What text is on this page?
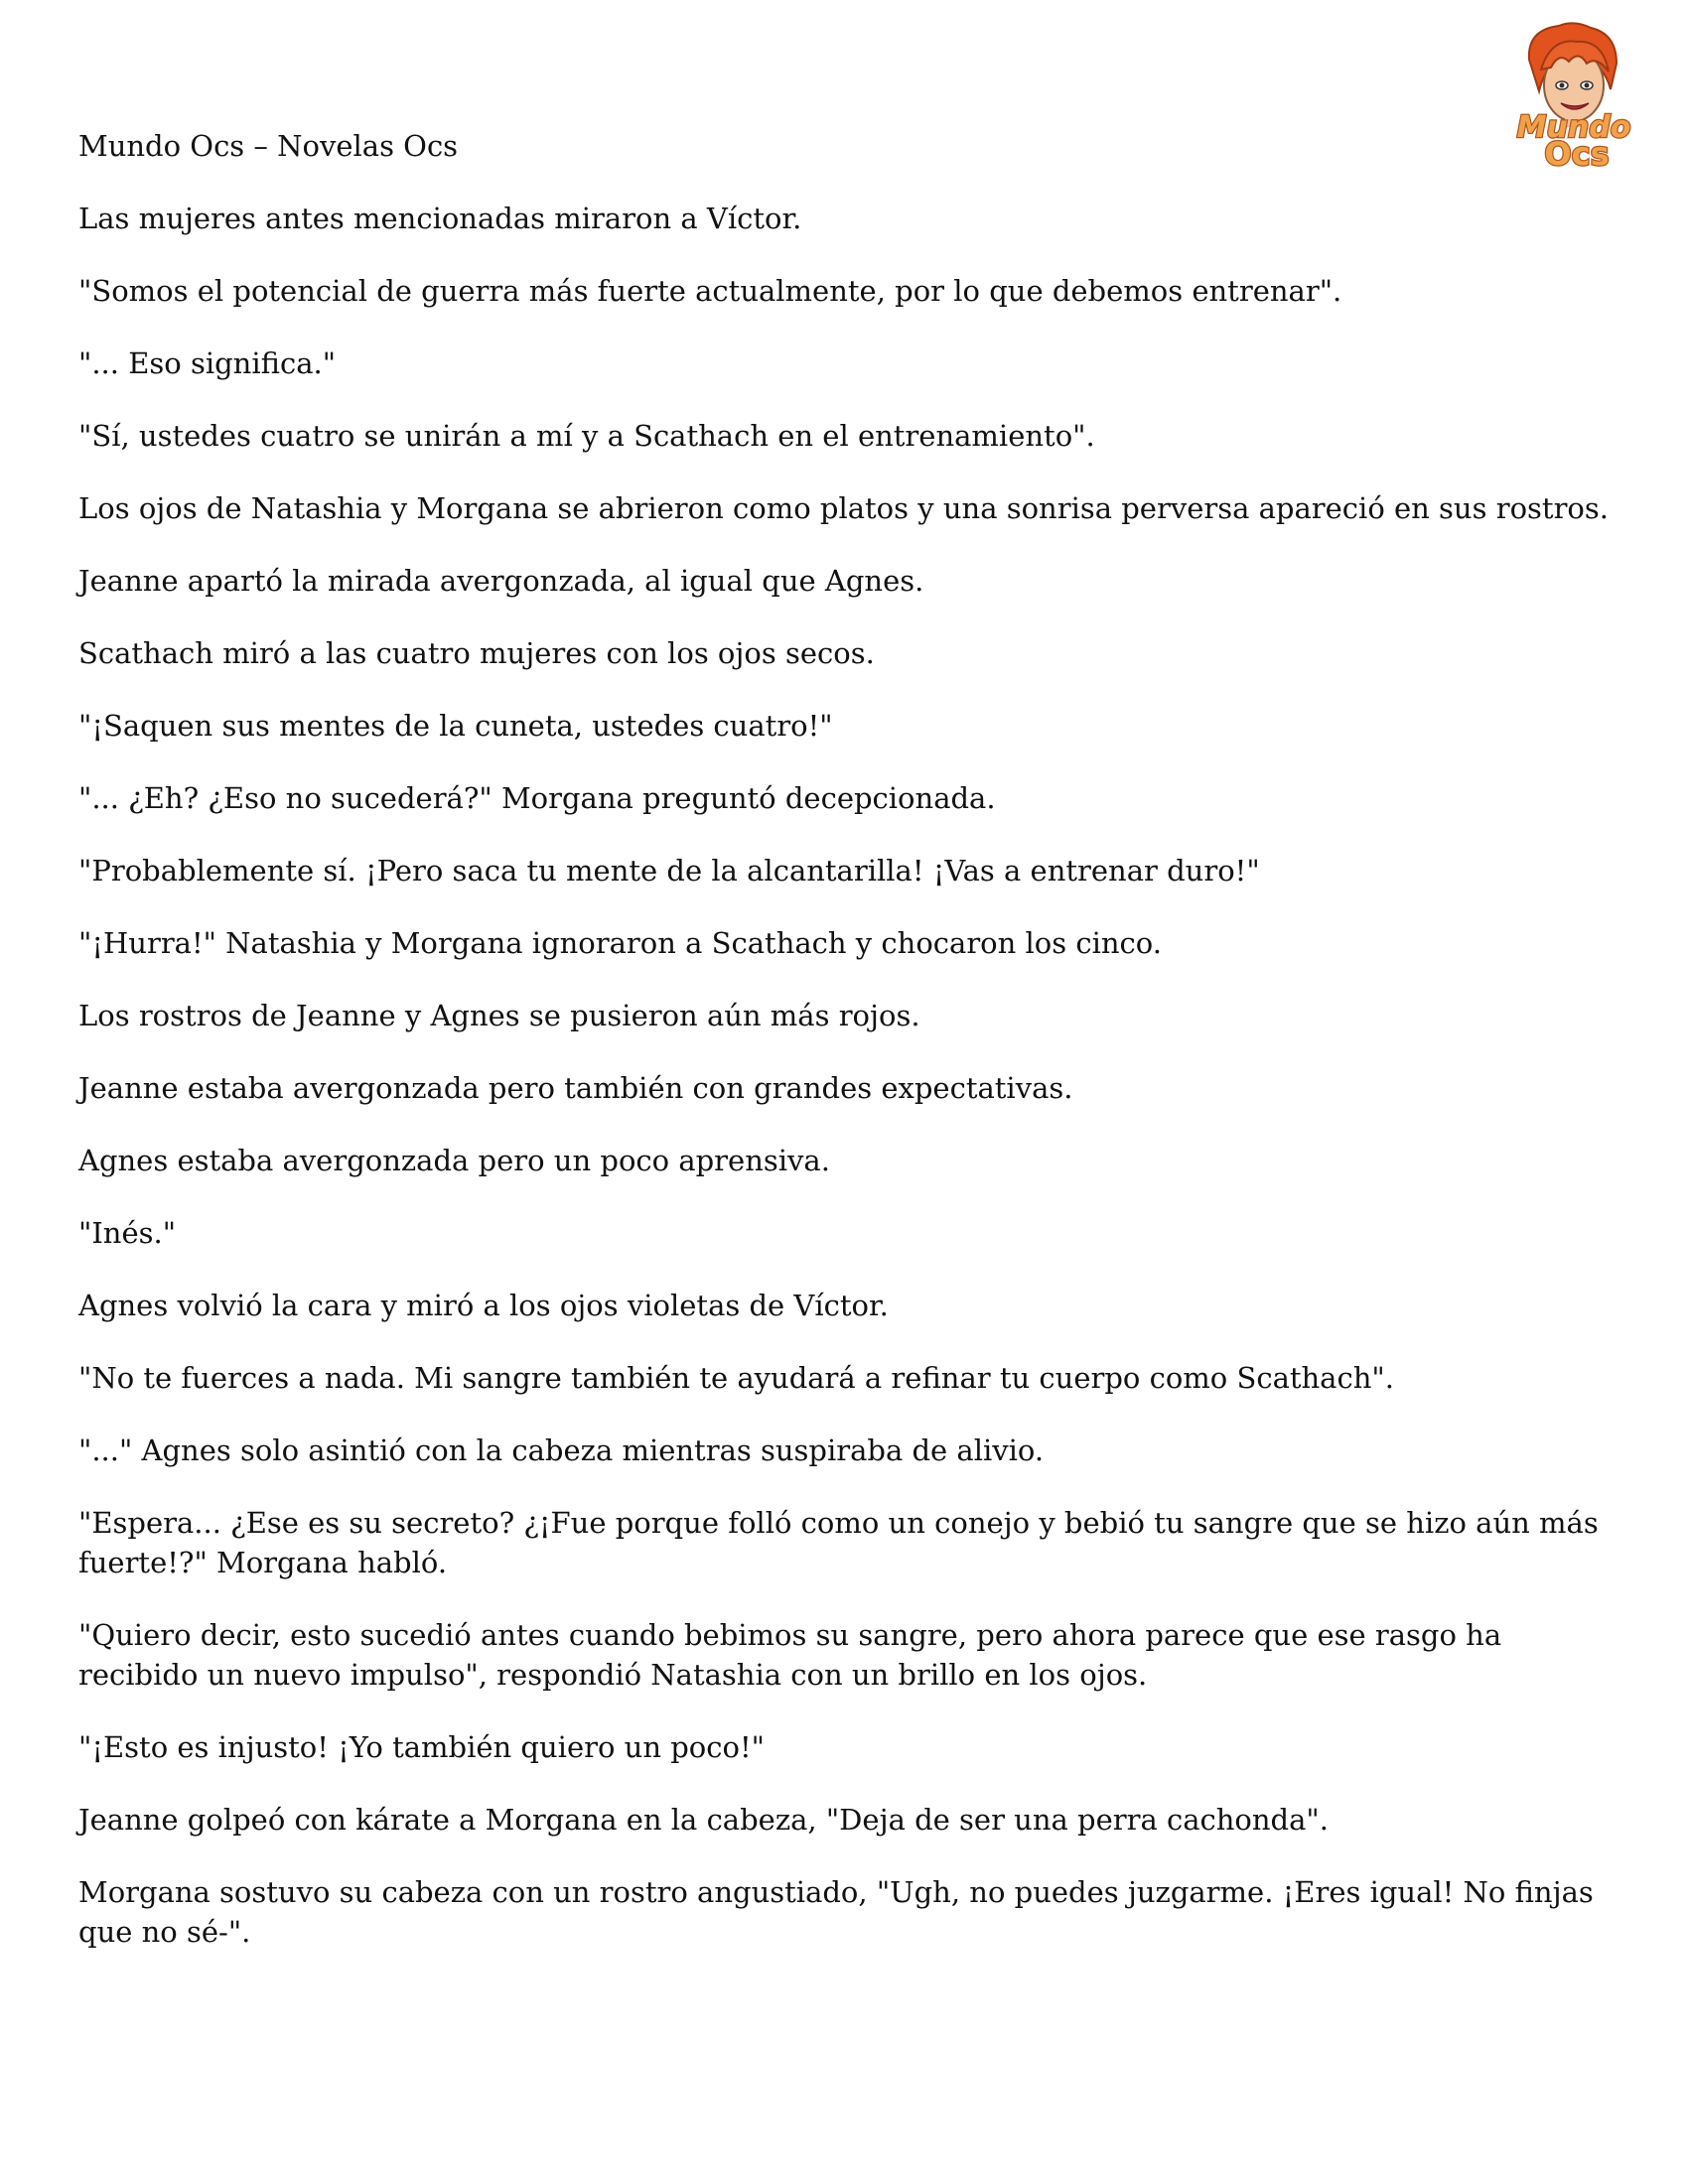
Mundo
Ocs

Mundo Ocs – Novelas Ocs

Las mujeres antes mencionadas miraron a Víctor.

"Somos el potencial de guerra más fuerte actualmente, por lo que debemos entrenar".

"... Eso significa."

"Sí, ustedes cuatro se unirán a mí y a Scathach en el entrenamiento".

Los ojos de Natashia y Morgana se abrieron como platos y una sonrisa perversa apareció en sus rostros.

Jeanne apartó la mirada avergonzada, al igual que Agnes.

Scathach miró a las cuatro mujeres con los ojos secos.

"¡Saquen sus mentes de la cuneta, ustedes cuatro!"

"... ¿Eh? ¿Eso no sucederá?" Morgana preguntó decepcionada.

"Probablemente sí. ¡Pero saca tu mente de la alcantarilla! ¡Vas a entrenar duro!"

"¡Hurra!" Natashia y Morgana ignoraron a Scathach y chocaron los cinco.

Los rostros de Jeanne y Agnes se pusieron aún más rojos.

Jeanne estaba avergonzada pero también con grandes expectativas.

Agnes estaba avergonzada pero un poco aprensiva.

"Inés."

Agnes volvió la cara y miró a los ojos violetas de Víctor.

"No te fuerces a nada. Mi sangre también te ayudará a refinar tu cuerpo como Scathach".

"..." Agnes solo asintió con la cabeza mientras suspiraba de alivio.

"Espera... ¿Ese es su secreto? ¿¡Fue porque folló como un conejo y bebió tu sangre que se hizo aún más fuerte!?" Morgana habló.

"Quiero decir, esto sucedió antes cuando bebimos su sangre, pero ahora parece que ese rasgo ha recibido un nuevo impulso", respondió Natashia con un brillo en los ojos.

"¡Esto es injusto! ¡Yo también quiero un poco!"

Jeanne golpeó con kárate a Morgana en la cabeza, "Deja de ser una perra cachonda".

Morgana sostuvo su cabeza con un rostro angustiado, "Ugh, no puedes juzgarme. ¡Eres igual! No finjas que no sé-".
